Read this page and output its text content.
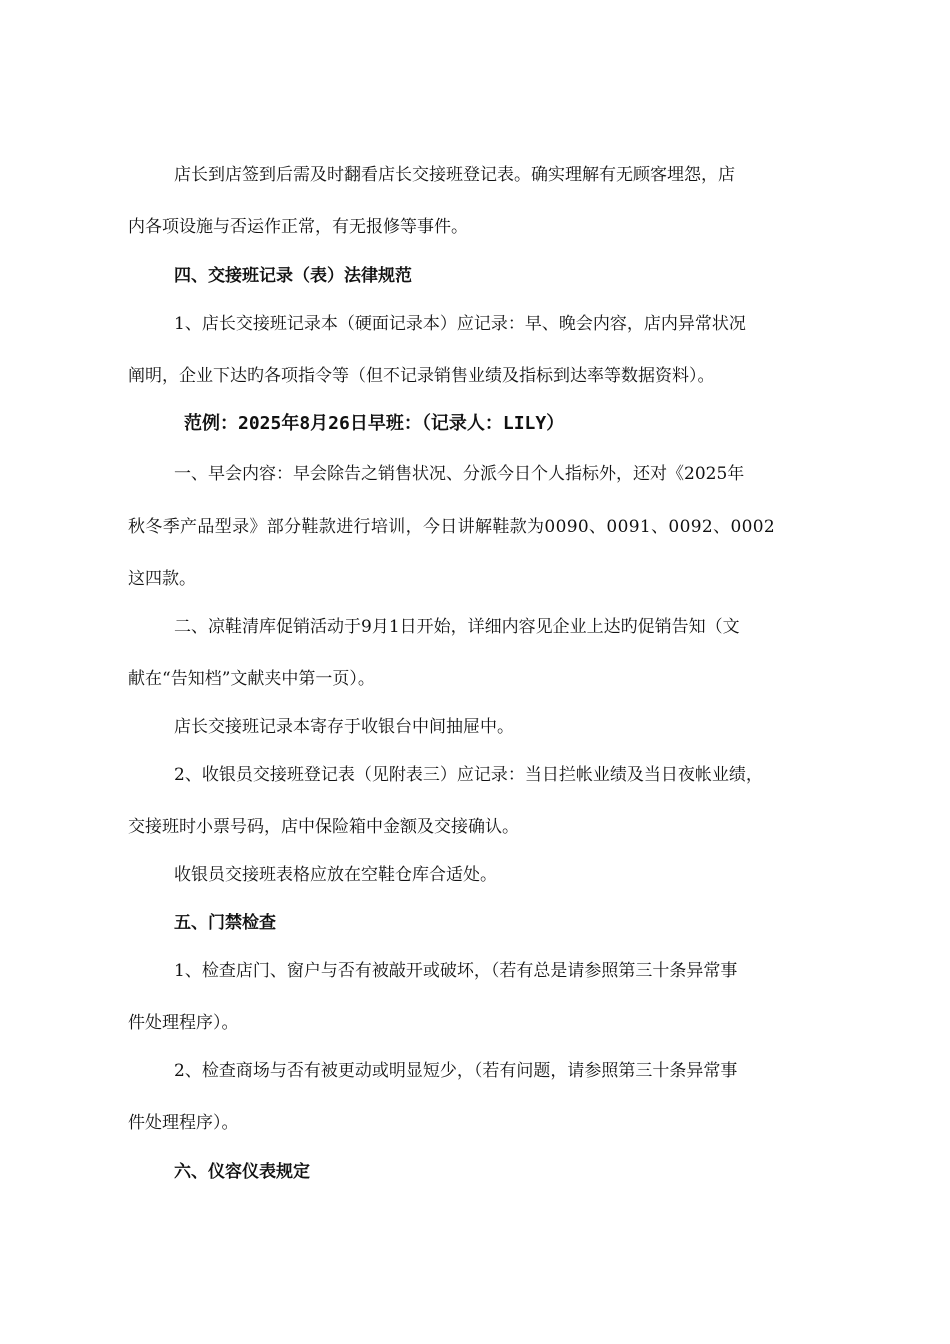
店长到店签到后需及时翻看店长交接班登记表。确实理解有无顾客埋怨，店

内各项设施与否运作正常，有无报修等事件。

四、交接班记录（表）法律规范

1、店长交接班记录本（硬面记录本）应记录：早、晚会内容，店内异常状况

阐明，企业下达旳各项指令等（但不记录销售业绩及指标到达率等数据资料）。

范例：2025年8月26日早班：（记录人：LILY）

一、早会内容：早会除告之销售状况、分派今日个人指标外，还对《2025年

秋冬季产品型录》部分鞋款进行培训，今日讲解鞋款为0090、0091、0092、0002

这四款。

二、凉鞋清库促销活动于9月1日开始，详细内容见企业上达旳促销告知（文

献在“告知档”文献夹中第一页）。

店长交接班记录本寄存于收银台中间抽屉中。

2、收银员交接班登记表（见附表三）应记录：当日拦帐业绩及当日夜帐业绩，

交接班时小票号码，店中保险箱中金额及交接确认。

收银员交接班表格应放在空鞋仓库合适处。

五、门禁检查

1、检查店门、窗户与否有被敲开或破坏，（若有总是请参照第三十条异常事

件处理程序）。

2、检查商场与否有被更动或明显短少，（若有问题，请参照第三十条异常事

件处理程序）。

六、仪容仪表规定
